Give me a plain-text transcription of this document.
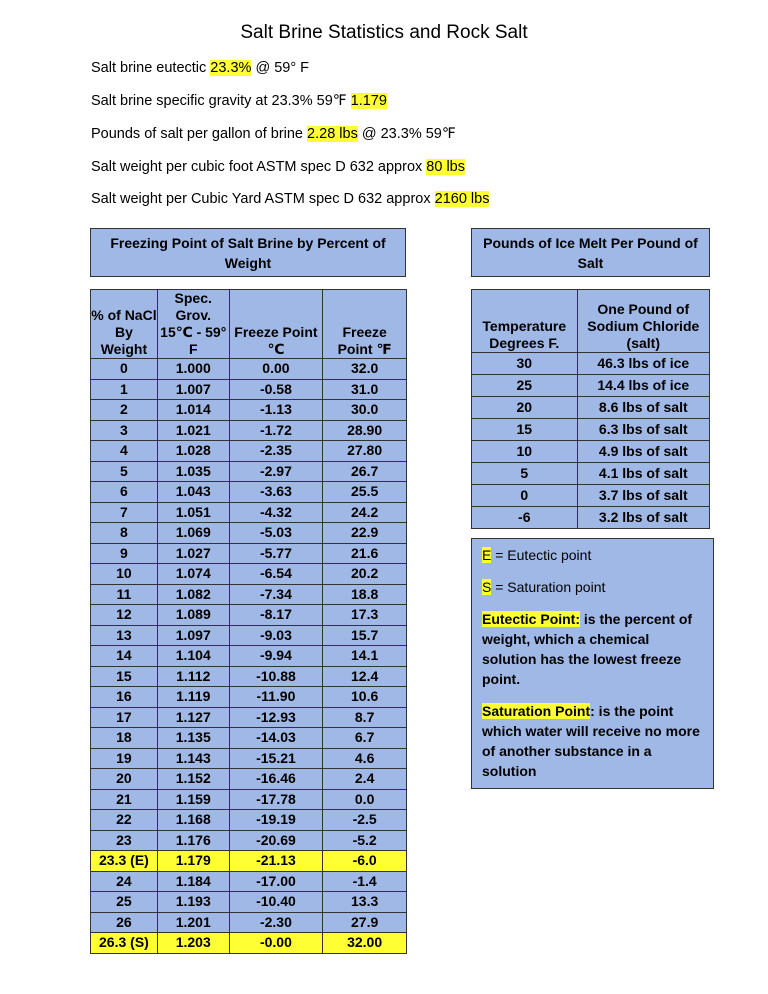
Salt Brine Statistics and Rock Salt
Salt brine eutectic 23.3% @ 59° F
Salt brine specific gravity at 23.3% 59℉ 1.179
Pounds of salt per gallon of brine 2.28 lbs @ 23.3% 59℉
Salt weight per cubic foot ASTM spec D 632 approx 80 lbs
Salt weight per Cubic Yard ASTM spec D 632 approx 2160 lbs
Freezing Point of Salt Brine by Percent of Weight
Pounds of Ice Melt Per Pound of Salt
% of NaCl By Weight	Spec. Grov. 15℃ - 59° F	Freeze Point ℃	Freeze Point ℉
0	1.000	0.00	32.0
1	1.007	-0.58	31.0
2	1.014	-1.13	30.0
3	1.021	-1.72	28.90
4	1.028	-2.35	27.80
5	1.035	-2.97	26.7
6	1.043	-3.63	25.5
7	1.051	-4.32	24.2
8	1.069	-5.03	22.9
9	1.027	-5.77	21.6
10	1.074	-6.54	20.2
11	1.082	-7.34	18.8
12	1.089	-8.17	17.3
13	1.097	-9.03	15.7
14	1.104	-9.94	14.1
15	1.112	-10.88	12.4
16	1.119	-11.90	10.6
17	1.127	-12.93	8.7
18	1.135	-14.03	6.7
19	1.143	-15.21	4.6
20	1.152	-16.46	2.4
21	1.159	-17.78	0.0
22	1.168	-19.19	-2.5
23	1.176	-20.69	-5.2
23.3 (E)	1.179	-21.13	-6.0
24	1.184	-17.00	-1.4
25	1.193	-10.40	13.3
26	1.201	-2.30	27.9
26.3 (S)	1.203	-0.00	32.00
Temperature Degrees F.	One Pound of Sodium Chloride (salt)
30	46.3 lbs of ice
25	14.4 lbs of ice
20	8.6 lbs of salt
15	6.3 lbs of salt
10	4.9 lbs of salt
5	4.1 lbs of salt
0	3.7 lbs of salt
-6	3.2 lbs of salt

E = Eutectic point

S = Saturation point

Eutectic Point: is the percent of weight, which a chemical solution has the lowest freeze point.

Saturation Point: is the point which water will receive no more of another substance in a solution
